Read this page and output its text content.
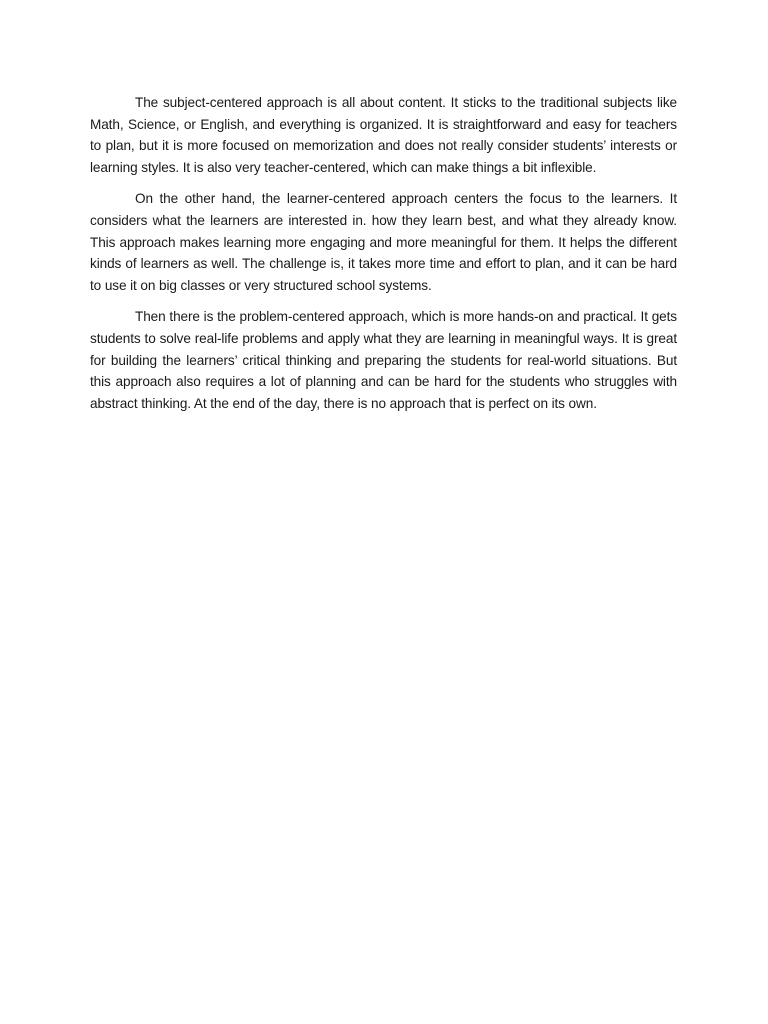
The subject-centered approach is all about content. It sticks to the traditional subjects like Math, Science, or English, and everything is organized. It is straightforward and easy for teachers to plan, but it is more focused on memorization and does not really consider students’ interests or learning styles. It is also very teacher-centered, which can make things a bit inflexible.

On the other hand, the learner-centered approach centers the focus to the learners. It considers what the learners are interested in. how they learn best, and what they already know. This approach makes learning more engaging and more meaningful for them. It helps the different kinds of learners as well. The challenge is, it takes more time and effort to plan, and it can be hard to use it on big classes or very structured school systems.

Then there is the problem-centered approach, which is more hands-on and practical. It gets students to solve real-life problems and apply what they are learning in meaningful ways. It is great for building the learners’ critical thinking and preparing the students for real-world situations. But this approach also requires a lot of planning and can be hard for the students who struggles with abstract thinking. At the end of the day, there is no approach that is perfect on its own.
